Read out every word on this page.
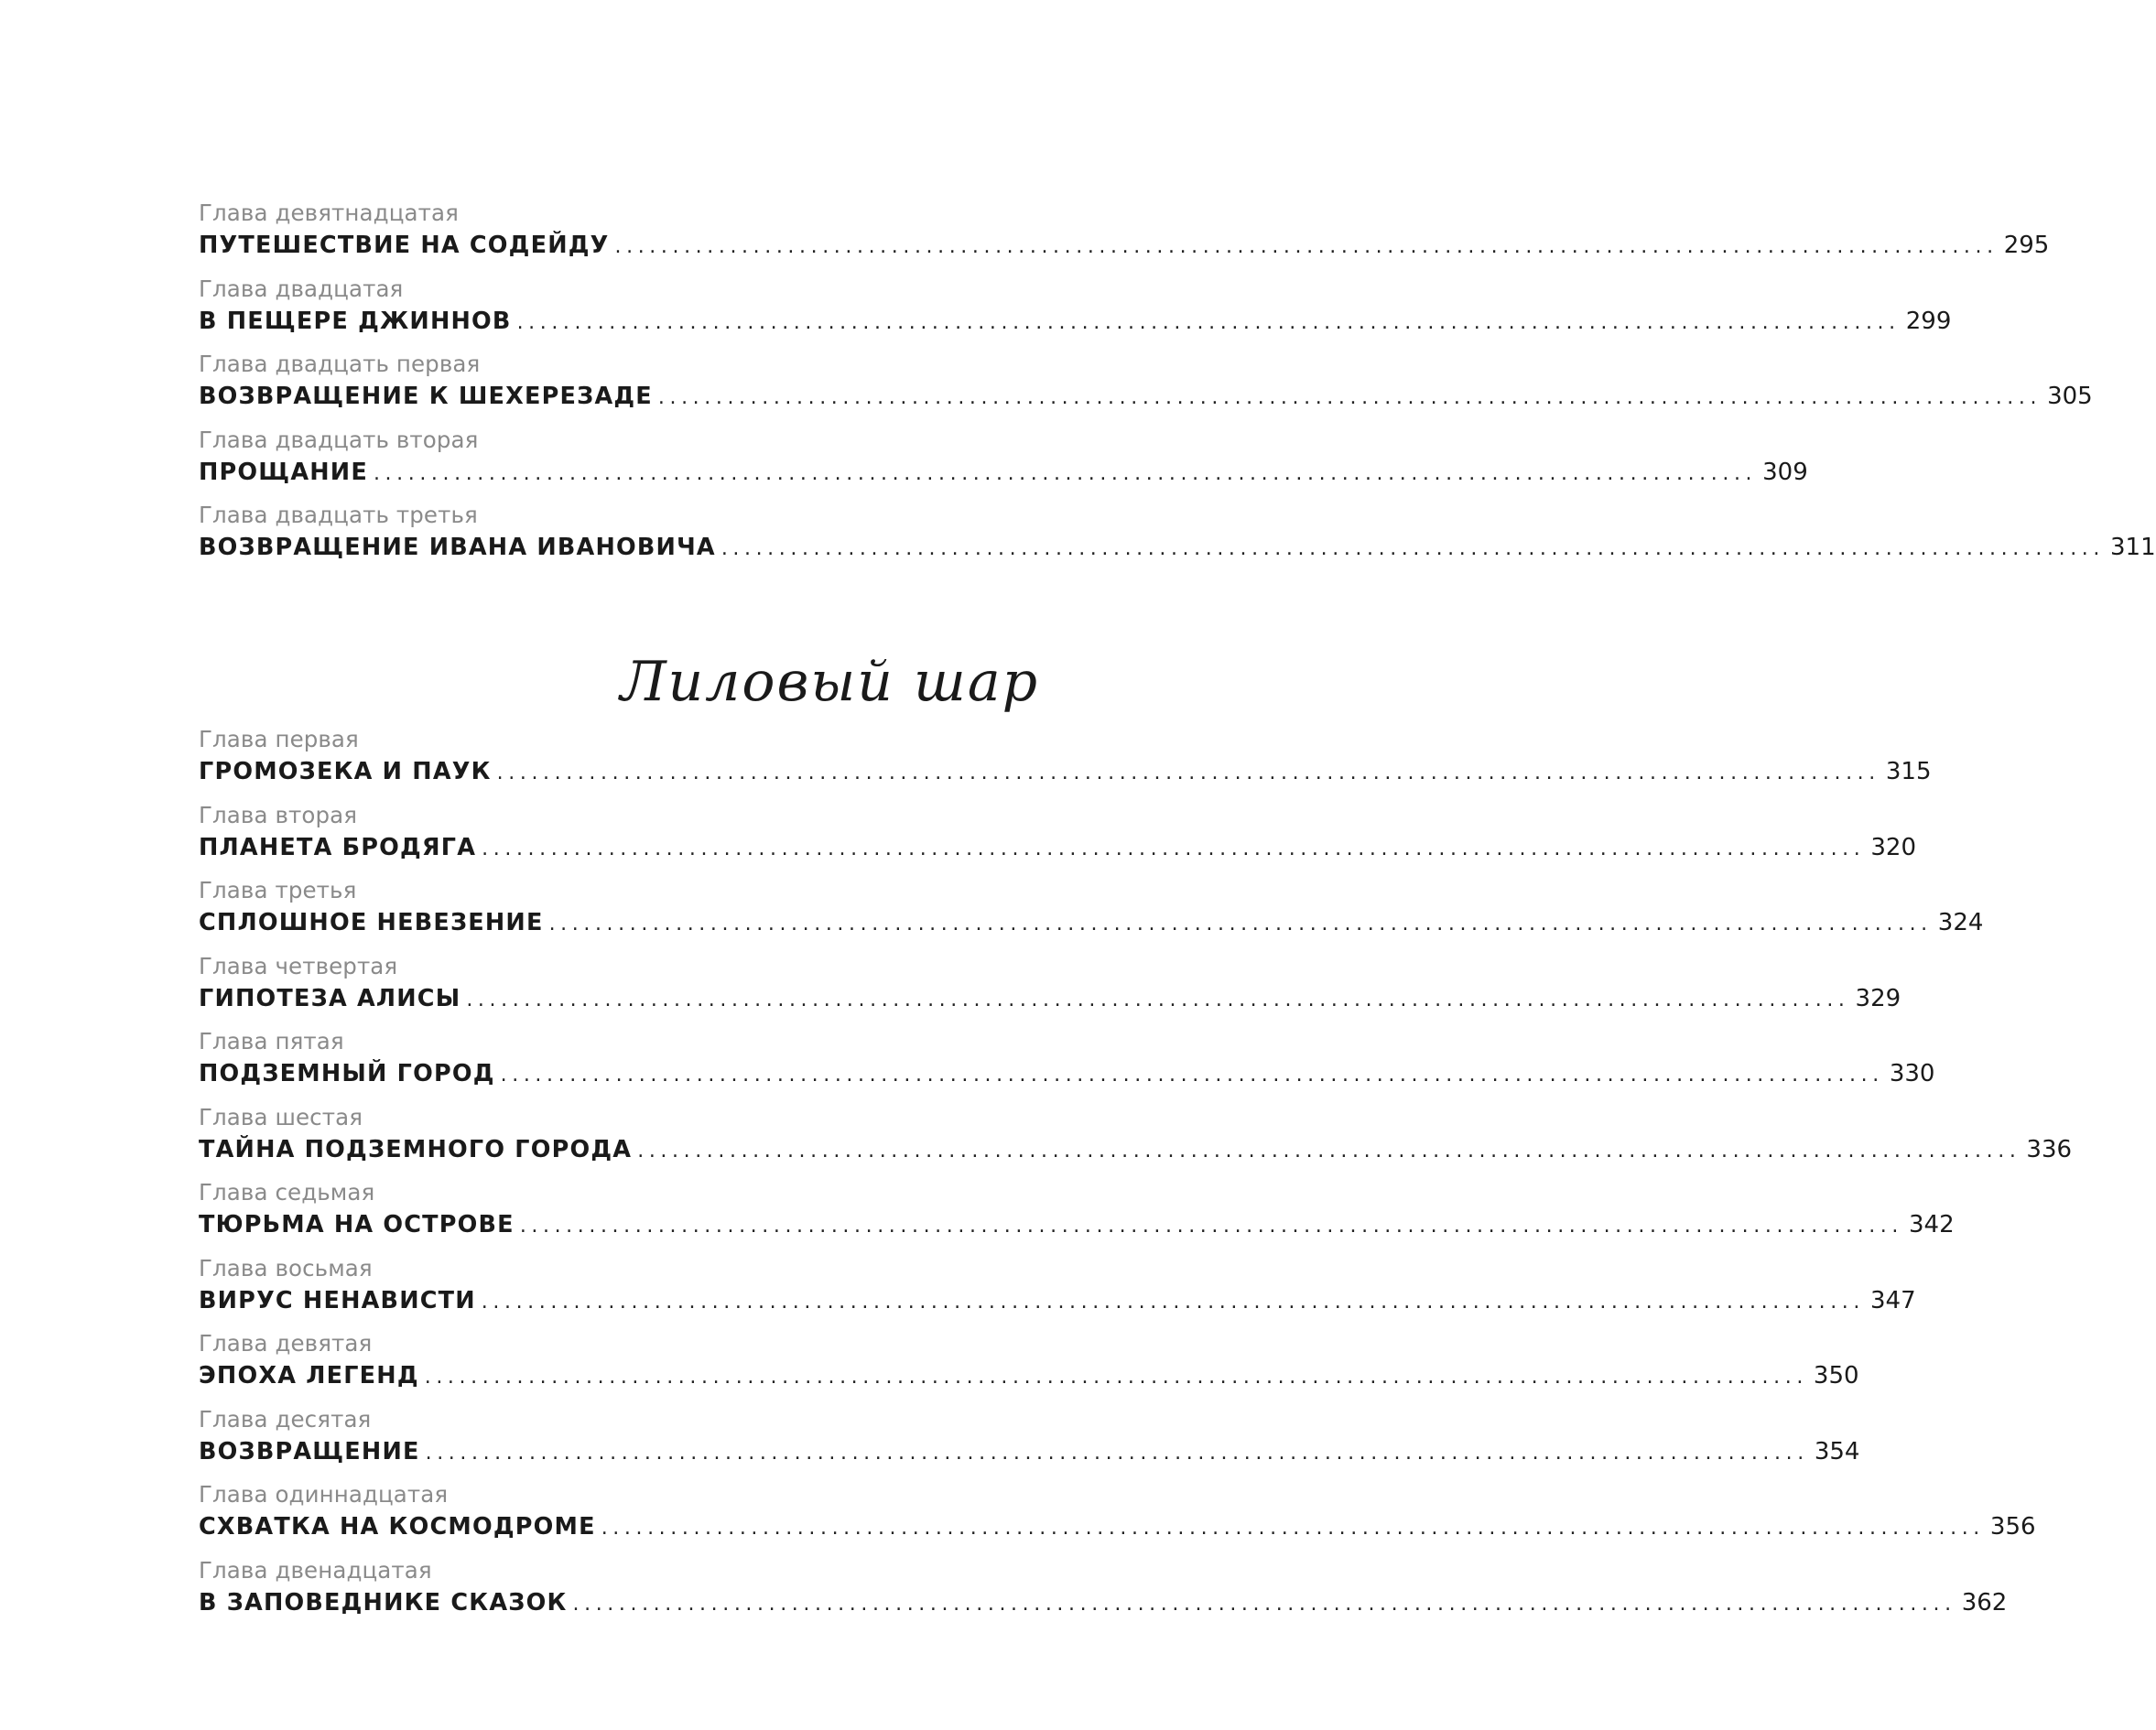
Глава девятнадцатая
ПУТЕШЕСТВИЕ НА СОДЕЙДУ ........................................................................................................................ 295
Глава двадцатая
В ПЕЩЕРЕ ДЖИННОВ ........................................................................................................................ 299
Глава двадцать первая
ВОЗВРАЩЕНИЕ К ШЕХЕРЕЗАДЕ ........................................................................................................................ 305
Глава двадцать вторая
ПРОЩАНИЕ ........................................................................................................................ 309
Глава двадцать третья
ВОЗВРАЩЕНИЕ ИВАНА ИВАНОВИЧА ........................................................................................................................ 311
Лиловый шар
Глава первая
ГРОМОЗЕКА И ПАУК ........................................................................................................................ 315
Глава вторая
ПЛАНЕТА БРОДЯГА ........................................................................................................................ 320
Глава третья
СПЛОШНОЕ НЕВЕЗЕНИЕ ........................................................................................................................ 324
Глава четвертая
ГИПОТЕЗА АЛИСЫ ........................................................................................................................ 329
Глава пятая
ПОДЗЕМНЫЙ ГОРОД ........................................................................................................................ 330
Глава шестая
ТАЙНА ПОДЗЕМНОГО ГОРОДА ........................................................................................................................ 336
Глава седьмая
ТЮРЬМА НА ОСТРОВЕ ........................................................................................................................ 342
Глава восьмая
ВИРУС НЕНАВИСТИ ........................................................................................................................ 347
Глава девятая
ЭПОХА ЛЕГЕНД ........................................................................................................................ 350
Глава десятая
ВОЗВРАЩЕНИЕ ........................................................................................................................ 354
Глава одиннадцатая
СХВАТКА НА КОСМОДРОМЕ ........................................................................................................................ 356
Глава двенадцатая
В ЗАПОВЕДНИКЕ СКАЗОК ........................................................................................................................ 362
